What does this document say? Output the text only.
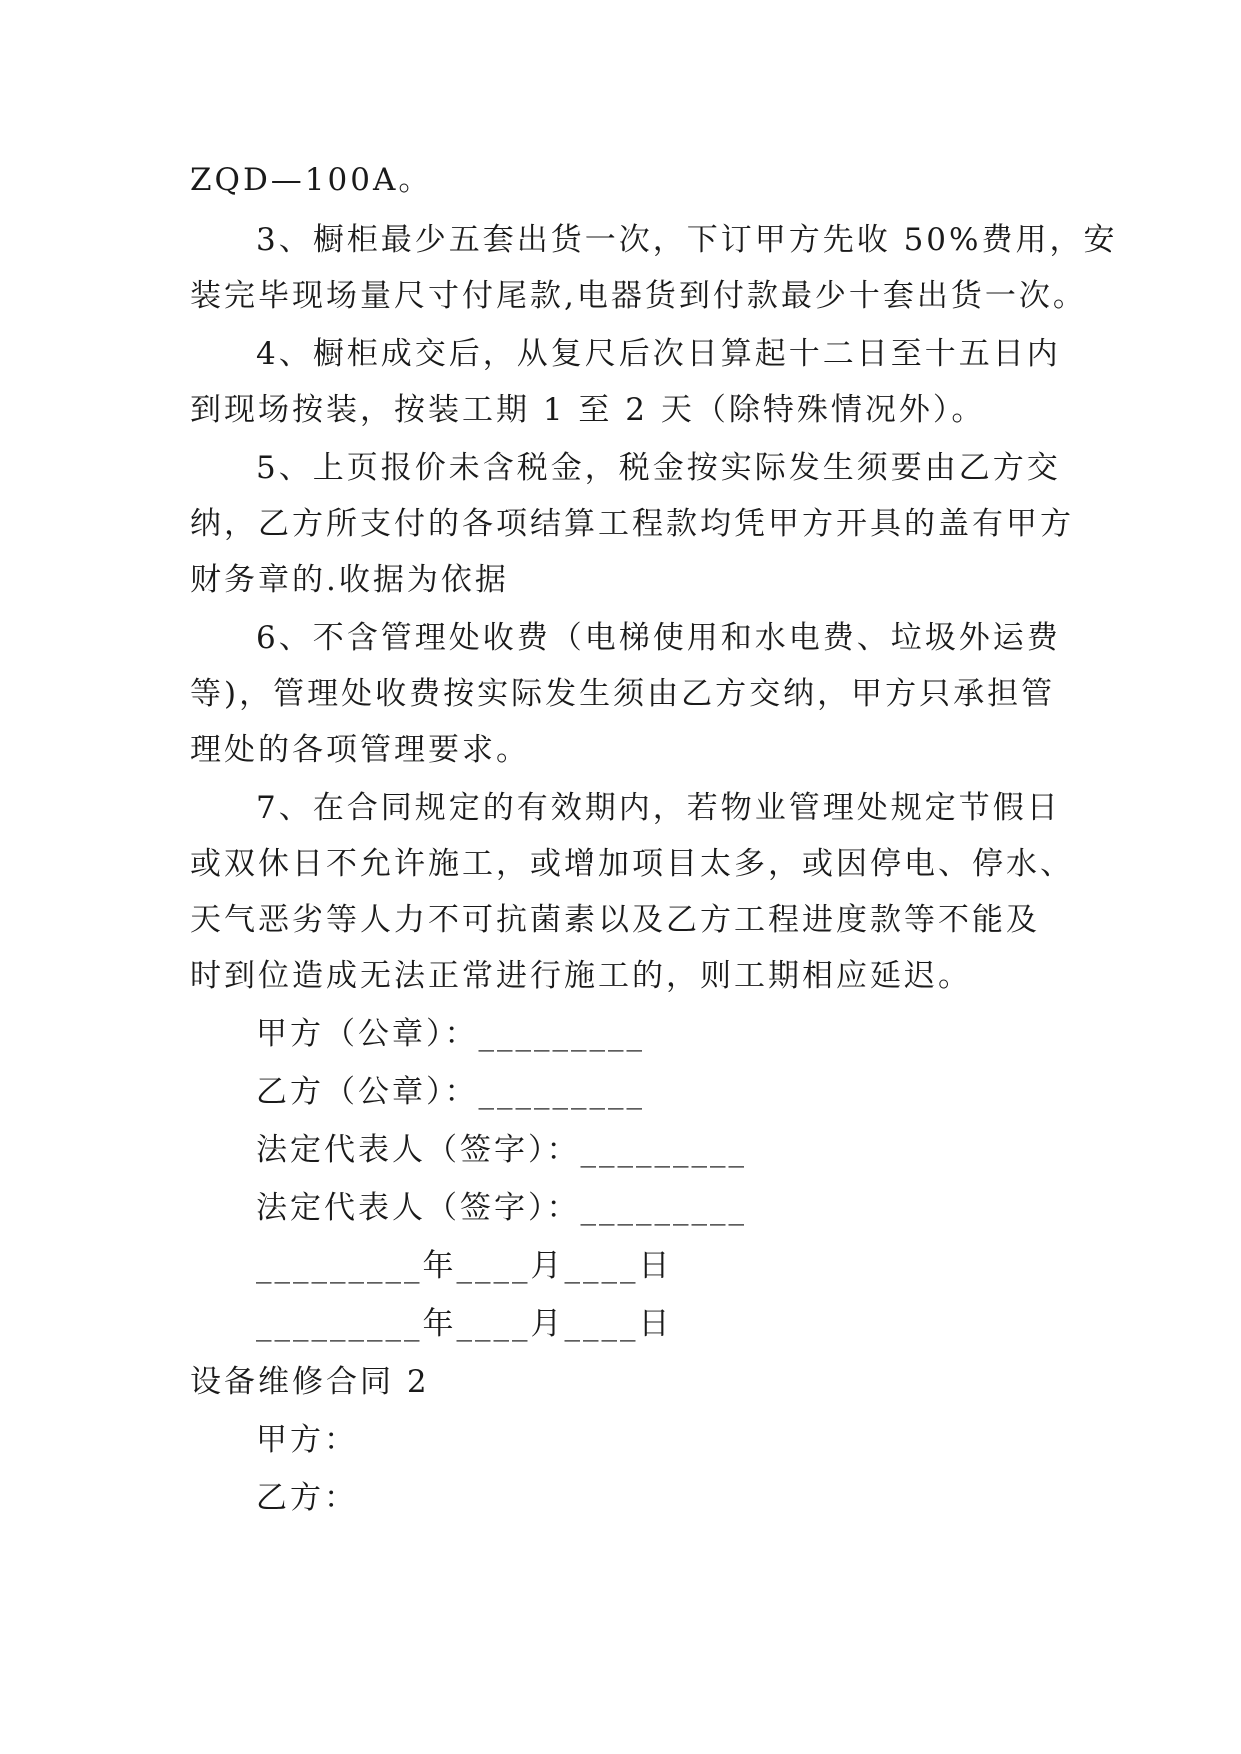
ZQD—100A。

3、橱柜最少五套出货一次，下订甲方先收 50%费用，安

装完毕现场量尺寸付尾款,电器货到付款最少十套出货一次。

4、橱柜成交后，从复尺后次日算起十二日至十五日内

到现场按装，按装工期 1 至 2 天（除特殊情况外）。

5、上页报价未含税金，税金按实际发生须要由乙方交

纳，乙方所支付的各项结算工程款均凭甲方开具的盖有甲方

财务章的.收据为依据

6、不含管理处收费（电梯使用和水电费、垃圾外运费

等)，管理处收费按实际发生须由乙方交纳，甲方只承担管

理处的各项管理要求。

7、在合同规定的有效期内，若物业管理处规定节假日

或双休日不允许施工，或增加项目太多，或因停电、停水、

天气恶劣等人力不可抗菌素以及乙方工程进度款等不能及

时到位造成无法正常进行施工的，则工期相应延迟。

甲方（公章）：_________

乙方（公章）：_________

法定代表人（签字）：_________

法定代表人（签字）：_________

_________年____月____日

_________年____月____日

设备维修合同 2

甲方：

乙方：
